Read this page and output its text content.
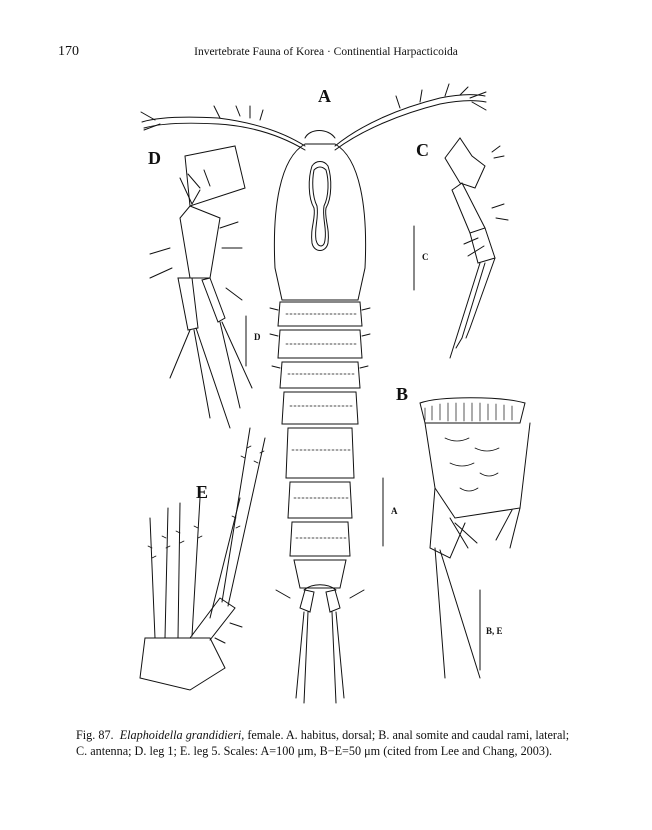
170	Invertebrate Fauna of Korea · Continential Harpacticoida
A
B
C
D
E
C
D
A
B, E
Fig. 87. Elaphoidella grandidieri, female. A. habitus, dorsal; B. anal somite and caudal rami, lateral; C. antenna; D. leg 1; E. leg 5. Scales: A=100 μm, B−E=50 μm (cited from Lee and Chang, 2003).
